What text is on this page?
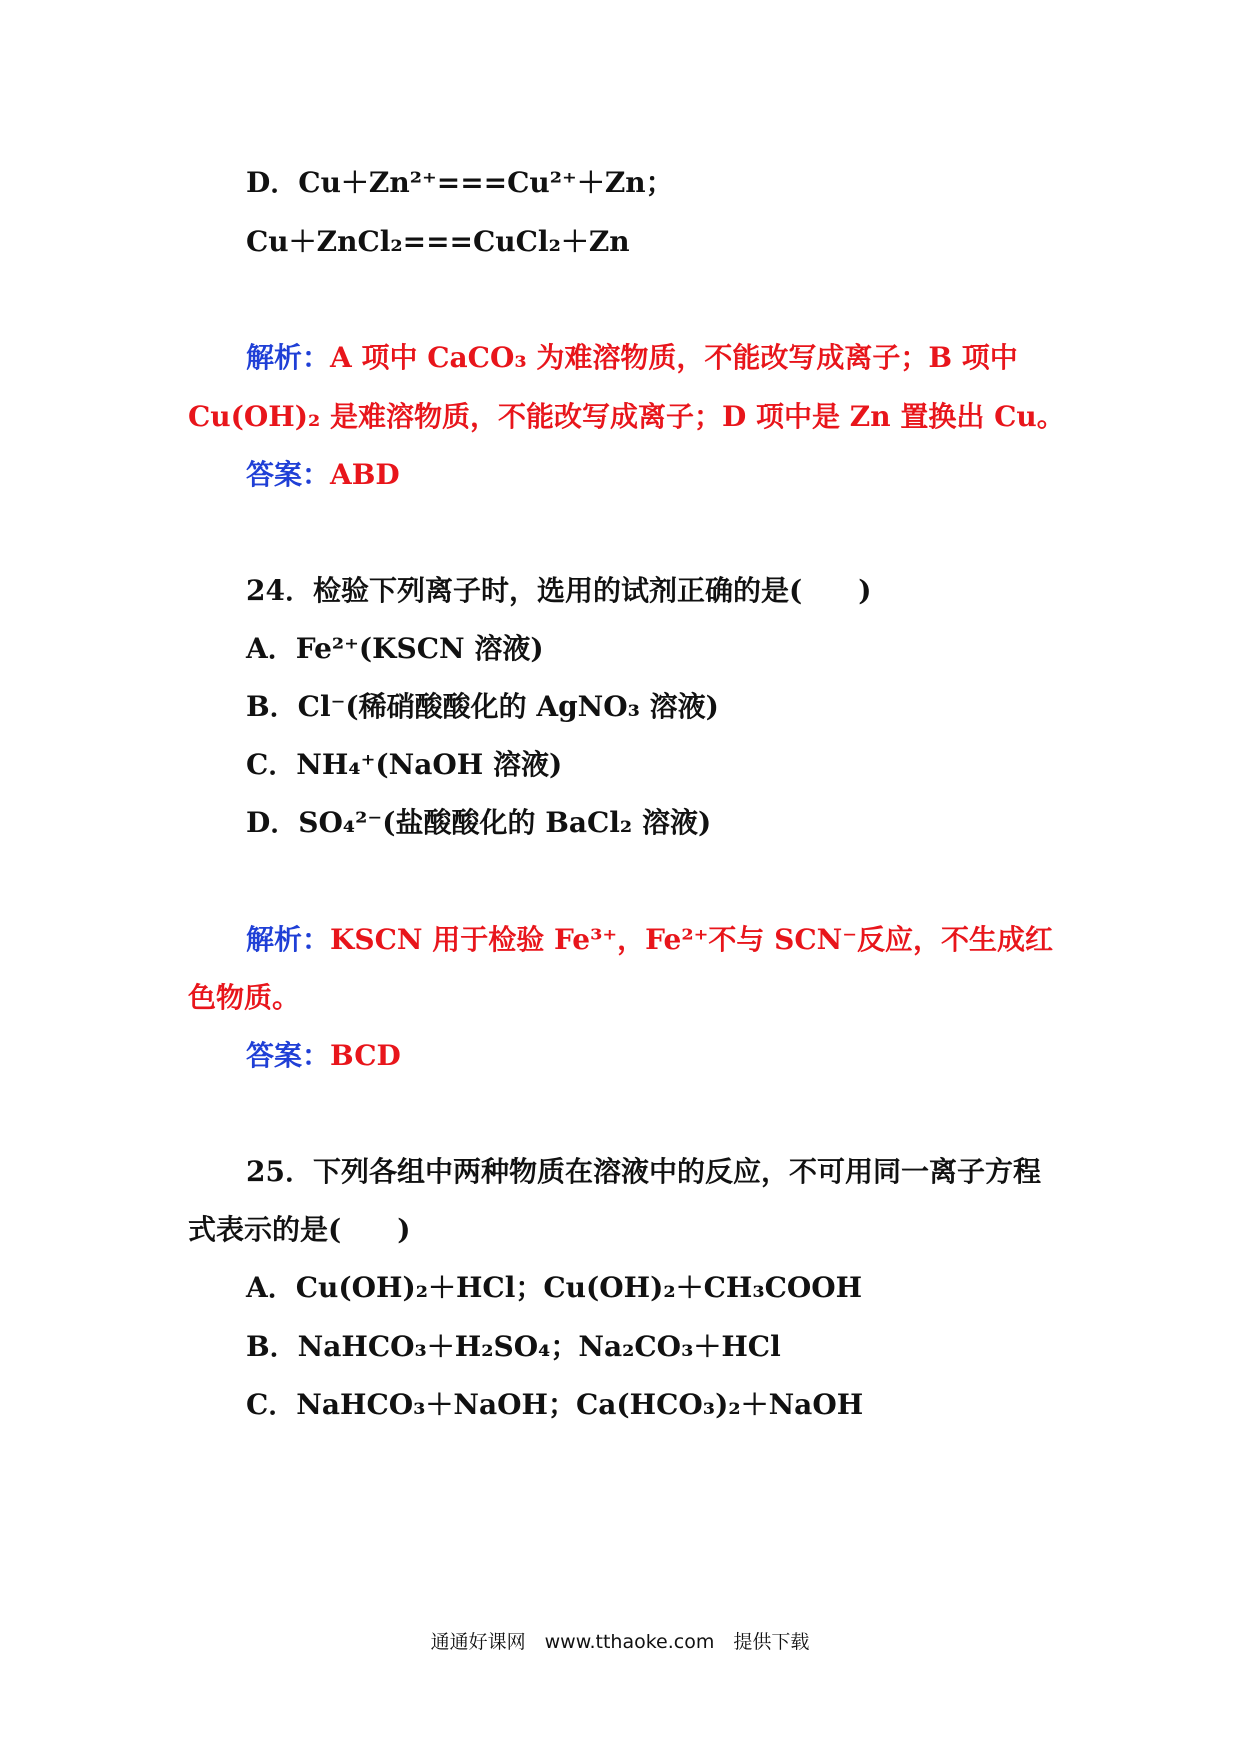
D．Cu＋Zn²⁺===Cu²⁺＋Zn；
Cu＋ZnCl₂===CuCl₂＋Zn
解析：A 项中 CaCO₃ 为难溶物质，不能改写成离子；B 项中
Cu(OH)₂ 是难溶物质，不能改写成离子；D 项中是 Zn 置换出 Cu。
答案：ABD
24．检验下列离子时，选用的试剂正确的是(　　)
A．Fe²⁺(KSCN 溶液)
B．Cl⁻(稀硝酸酸化的 AgNO₃ 溶液)
C．NH₄⁺(NaOH 溶液)
D．SO₄²⁻(盐酸酸化的 BaCl₂ 溶液)
解析：KSCN 用于检验 Fe³⁺，Fe²⁺不与 SCN⁻反应，不生成红
色物质。
答案：BCD
25．下列各组中两种物质在溶液中的反应，不可用同一离子方程
式表示的是(　　)
A．Cu(OH)₂＋HCl；Cu(OH)₂＋CH₃COOH
B．NaHCO₃＋H₂SO₄；Na₂CO₃＋HCl
C．NaHCO₃＋NaOH；Ca(HCO₃)₂＋NaOH
通通好课网　www.tthaoke.com　提供下载
